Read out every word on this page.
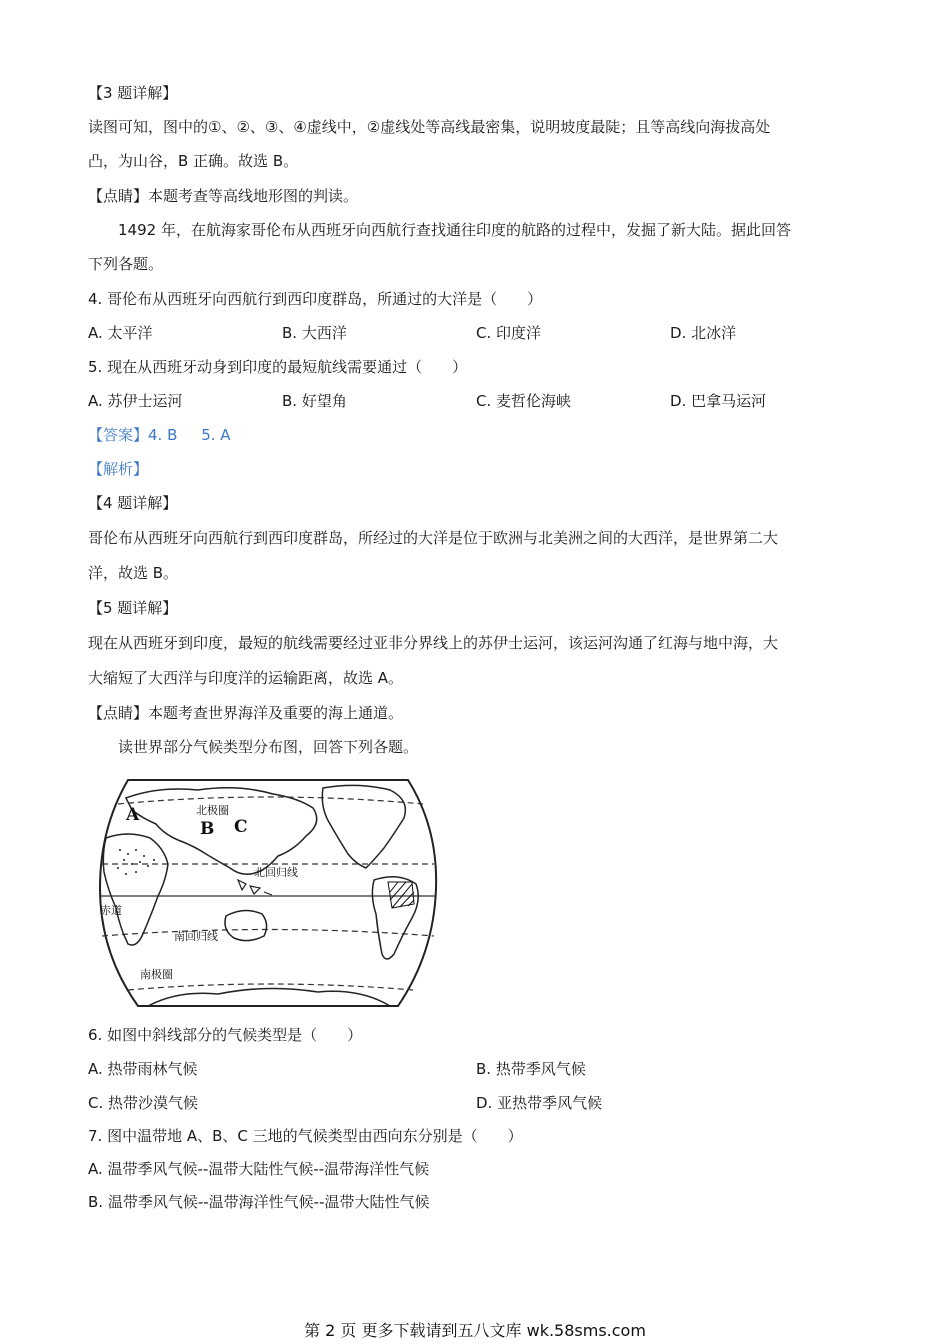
【3 题详解】
读图可知，图中的①、②、③、④虚线中，②虚线处等高线最密集，说明坡度最陡；且等高线向海拔高处
凸，为山谷，B 正确。故选 B。
【点睛】本题考查等高线地形图的判读。
1492 年，在航海家哥伦布从西班牙向西航行查找通往印度的航路的过程中，发掘了新大陆。据此回答
下列各题。
4. 哥伦布从西班牙向西航行到西印度群岛，所通过的大洋是（　　）
A. 太平洋	B. 大西洋	C. 印度洋	D. 北冰洋
5. 现在从西班牙动身到印度的最短航线需要通过（　　）
A. 苏伊士运河	B. 好望角	C. 麦哲伦海峡	D. 巴拿马运河
【答案】4. B     5. A
【解析】
【4 题详解】
哥伦布从西班牙向西航行到西印度群岛，所经过的大洋是位于欧洲与北美洲之间的大西洋，是世界第二大
洋，故选 B。
【5 题详解】
现在从西班牙到印度，最短的航线需要经过亚非分界线上的苏伊士运河，该运河沟通了红海与地中海，大
大缩短了大西洋与印度洋的运输距离，故选 A。
【点睛】本题考查世界海洋及重要的海上通道。
读世界部分气候类型分布图，回答下列各题。
北极圈
北回归线
赤道
南回归线
南极圈
A
B C
6. 如图中斜线部分的气候类型是（　　）
A. 热带雨林气候	B. 热带季风气候
C. 热带沙漠气候	D. 亚热带季风气候
7. 图中温带地 A、B、C 三地的气候类型由西向东分别是（　　）
A. 温带季风气候--温带大陆性气候--温带海洋性气候
B. 温带季风气候--温带海洋性气候--温带大陆性气候
第 2 页 更多下载请到五八文库 wk.58sms.com
